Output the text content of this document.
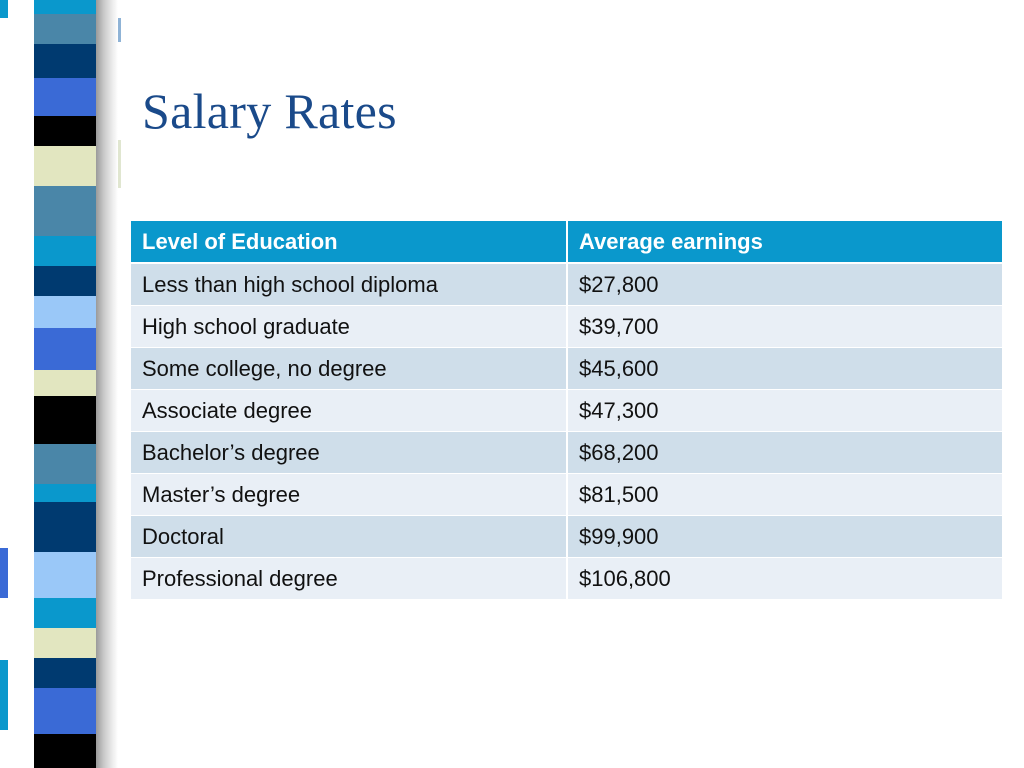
Salary Rates
Level of Education	Average earnings
Less than high school diploma	$27,800
High school graduate	$39,700
Some college, no degree	$45,600
Associate degree	$47,300
Bachelor’s degree	$68,200
Master’s degree	$81,500
Doctoral	$99,900
Professional degree	$106,800
